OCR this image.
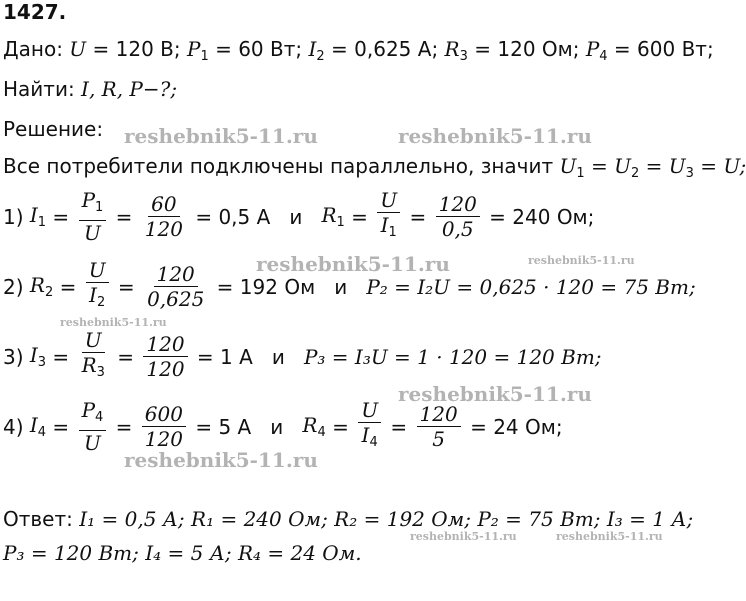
1427.
Дано: U = 120 В; $P_1 = 60$ Вт; $I_2 = 0,625$ А; $R_3 = 120$ Ом; $P_4 = 600$ Вт;
Найти: I, R, P−?;
Решение:
Все потребители подключены параллельно, значит $U_1 = U_2 = U_3 = U$;
1) $I_1 = \frac{P_1}{U} = \frac{60}{120} = 0,5$ А   и $R_1 = \frac{U}{I_1} = \frac{120}{0,5} = 240$ Ом;
2) $R_2 = \frac{U}{I_2} = \frac{120}{0,625} = 192$ Ом   и P₂ = I₂U = 0,625 · 120 = 75 Вт;
3) $I_3 = \frac{U}{R_3} = \frac{120}{120} = 1$ А   и P₃ = I₃U = 1 · 120 = 120 Вт;
4) $I_4 = \frac{P_4}{U} = \frac{600}{120} = 5$ А   и $R_4 = \frac{U}{I_4} = \frac{120}{5} = 24$ Ом;
Ответ: I₁ = 0,5 А; R₁ = 240 Ом; R₂ = 192 Ом; P₂ = 75 Вт; I₃ = 1 А;
P₃ = 120 Вт; I₄ = 5 А; R₄ = 24 Ом.
reshebnik5-11.ru	reshebnik5-11.ru
reshebnik5-11.ru	reshebnik5-11.ru
reshebnik5-11.ru
reshebnik5-11.ru
reshebnik5-11.ru
reshebnik5-11.ru	reshebnik5-11.ru
